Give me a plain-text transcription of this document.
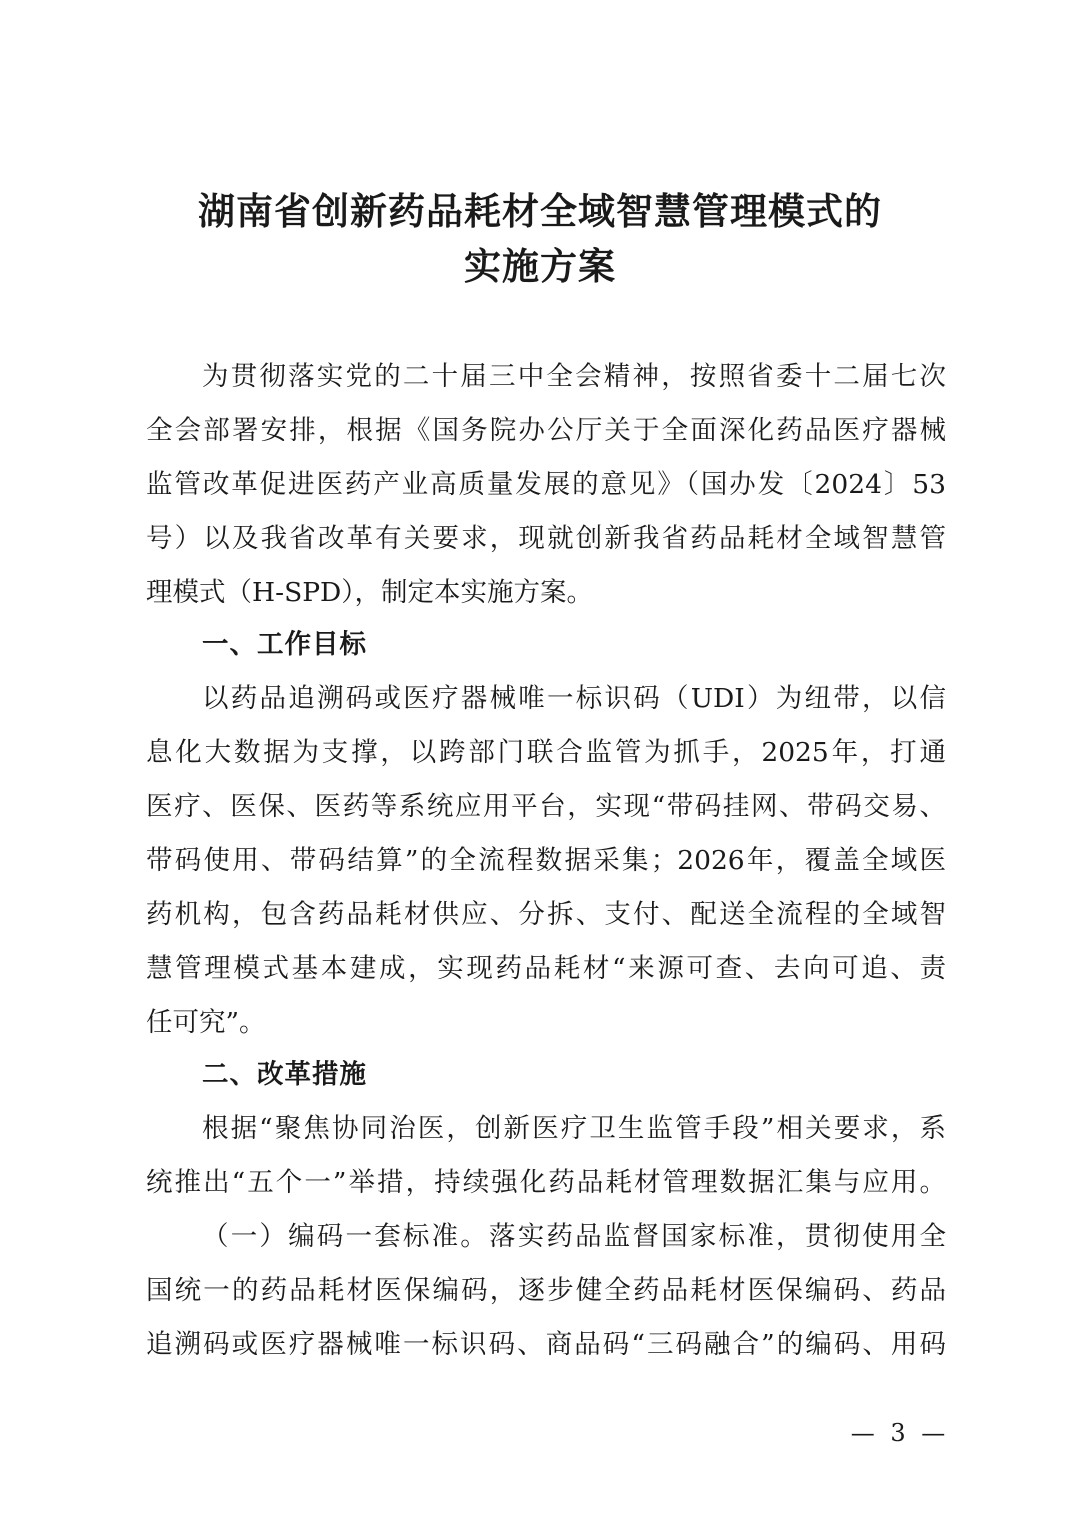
湖南省创新药品耗材全域智慧管理模式的
实施方案
为贯彻落实党的二十届三中全会精神，按照省委十二届七次
全会部署安排，根据《国务院办公厅关于全面深化药品医疗器械
监管改革促进医药产业高质量发展的意见》（国办发〔2024〕53
号）以及我省改革有关要求，现就创新我省药品耗材全域智慧管
理模式（H-SPD），制定本实施方案。
一、工作目标
以药品追溯码或医疗器械唯一标识码（UDI）为纽带，以信
息化大数据为支撑，以跨部门联合监管为抓手，2025年，打通
医疗、医保、医药等系统应用平台，实现“带码挂网、带码交易、
带码使用、带码结算”的全流程数据采集；2026年，覆盖全域医
药机构，包含药品耗材供应、分拆、支付、配送全流程的全域智
慧管理模式基本建成，实现药品耗材“来源可查、去向可追、责
任可究”。
二、改革措施
根据“聚焦协同治医，创新医疗卫生监管手段”相关要求，系
统推出“五个一”举措，持续强化药品耗材管理数据汇集与应用。
（一）编码一套标准。落实药品监督国家标准，贯彻使用全
国统一的药品耗材医保编码，逐步健全药品耗材医保编码、药品
追溯码或医疗器械唯一标识码、商品码“三码融合”的编码、用码
— 3 —
